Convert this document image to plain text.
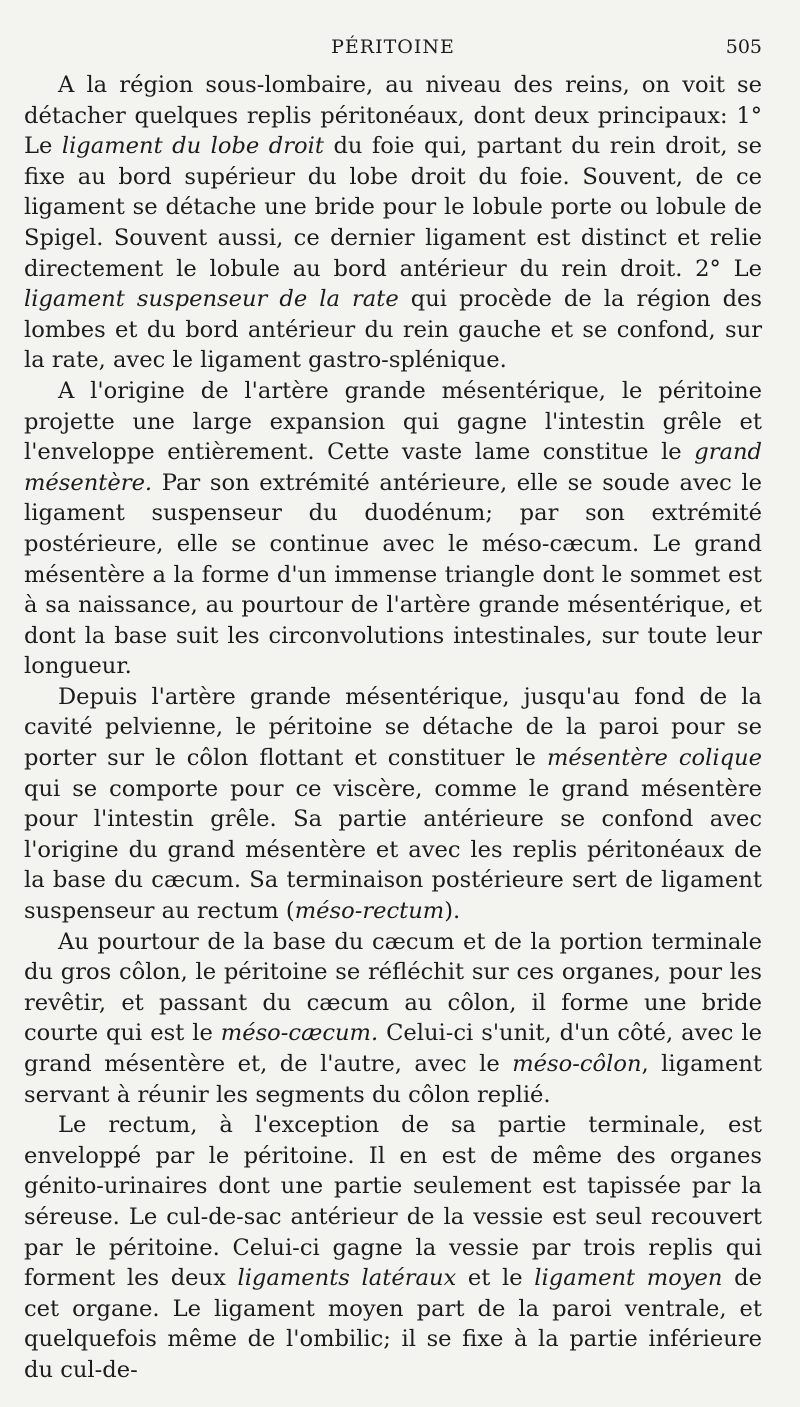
PÉRITOINE	505

A la région sous-lombaire, au niveau des reins, on voit se détacher quelques replis péritonéaux, dont deux principaux: 1° Le ligament du lobe droit du foie qui, partant du rein droit, se fixe au bord supérieur du lobe droit du foie. Souvent, de ce ligament se détache une bride pour le lobule porte ou lobule de Spigel. Souvent aussi, ce dernier ligament est distinct et relie directement le lobule au bord antérieur du rein droit. 2° Le ligament suspenseur de la rate qui procède de la région des lombes et du bord antérieur du rein gauche et se confond, sur la rate, avec le ligament gastro-splénique.

A l'origine de l'artère grande mésentérique, le péritoine projette une large expansion qui gagne l'intestin grêle et l'enveloppe entièrement. Cette vaste lame constitue le grand mésentère. Par son extrémité antérieure, elle se soude avec le ligament suspenseur du duodénum; par son extrémité postérieure, elle se continue avec le méso-cæcum. Le grand mésentère a la forme d'un immense triangle dont le sommet est à sa naissance, au pourtour de l'artère grande mésentérique, et dont la base suit les circonvolutions intestinales, sur toute leur longueur.

Depuis l'artère grande mésentérique, jusqu'au fond de la cavité pelvienne, le péritoine se détache de la paroi pour se porter sur le côlon flottant et constituer le mésentère colique qui se comporte pour ce viscère, comme le grand mésentère pour l'intestin grêle. Sa partie antérieure se confond avec l'origine du grand mésentère et avec les replis péritonéaux de la base du cæcum. Sa terminaison postérieure sert de ligament suspenseur au rectum (méso-rectum).

Au pourtour de la base du cæcum et de la portion terminale du gros côlon, le péritoine se réfléchit sur ces organes, pour les revêtir, et passant du cæcum au côlon, il forme une bride courte qui est le méso-cæcum. Celui-ci s'unit, d'un côté, avec le grand mésentère et, de l'autre, avec le méso-côlon, ligament servant à réunir les segments du côlon replié.

Le rectum, à l'exception de sa partie terminale, est enveloppé par le péritoine. Il en est de même des organes génito-urinaires dont une partie seulement est tapissée par la séreuse. Le cul-de-sac antérieur de la vessie est seul recouvert par le péritoine. Celui-ci gagne la vessie par trois replis qui forment les deux ligaments latéraux et le ligament moyen de cet organe. Le ligament moyen part de la paroi ventrale, et quelquefois même de l'ombilic; il se fixe à la partie inférieure du cul-de-
